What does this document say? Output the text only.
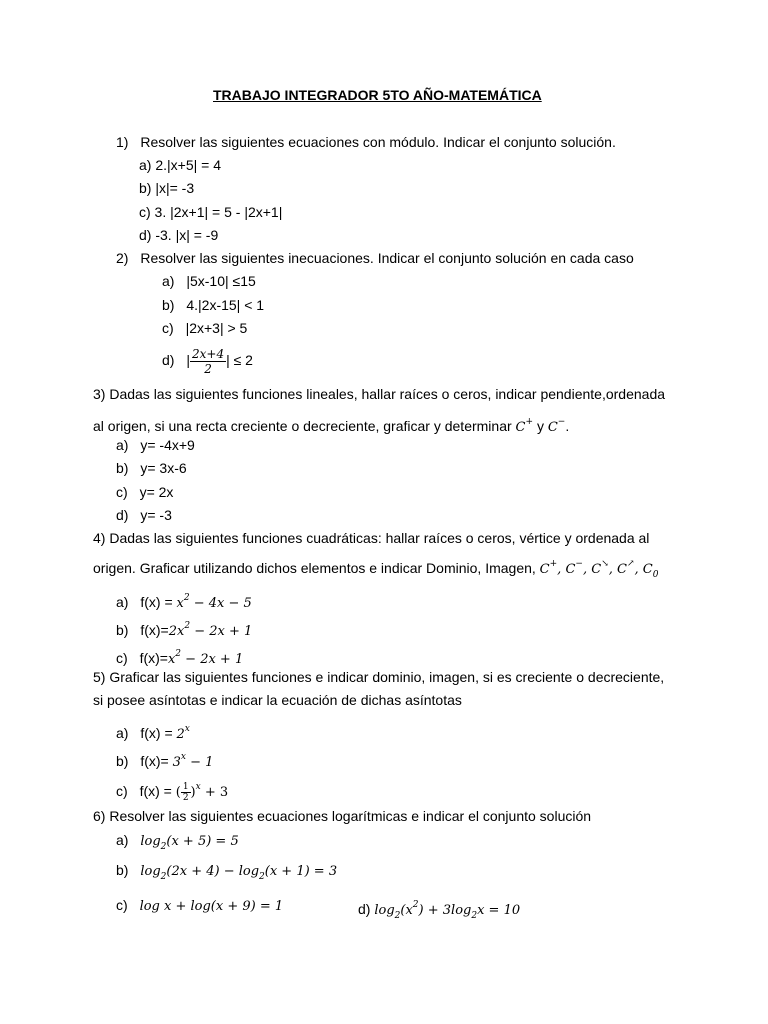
TRABAJO INTEGRADOR 5TO AÑO-MATEMÁTICA
1) Resolver las siguientes ecuaciones con módulo. Indicar el conjunto solución.
a) 2.|x+5| = 4
b) |x|= -3
c) 3. |2x+1| = 5 - |2x+1|
d) -3. |x| = -9
2) Resolver las siguientes inecuaciones. Indicar el conjunto solución en cada caso
a) |5x-10| ≤15
b) 4.|2x-15| < 1
c) |2x+3| > 5
d) | $\frac{2x+4}{2}$ | ≤ 2
3) Dadas las siguientes funciones lineales, hallar raíces o ceros, indicar pendiente,ordenada
al origen, si una recta creciente o decreciente, graficar y determinar C+ y C−.
a) y= -4x+9
b) y= 3x-6
c) y= 2x
d) y= -3
4) Dadas las siguientes funciones cuadráticas: hallar raíces o ceros, vértice y ordenada al
origen. Graficar utilizando dichos elementos e indicar Dominio, Imagen, C+, C−, C↘, C↗, $C_0$
a) $f(x) = x^2 - 4x - 5$
b) $f(x)=2x^2 - 2x + 1$
c) $f(x)=x^2 - 2x + 1$
5) Graficar las siguientes funciones e indicar dominio, imagen, si es creciente o decreciente,
si posee asíntotas e indicar la ecuación de dichas asíntotas
a) $f(x) = 2^x$
b) $f(x)= 3^x - 1$
c) f(x) = ( $\frac{1}{2} )^x + 3$
6) Resolver las siguientes ecuaciones logarítmicas e indicar el conjunto solución
a) $\log_2(x + 5) = 5$
b) $\log_2(2x + 4) - \log_2(x + 1) = 3$
c) log x + log(x + 9) = 1	d) $\log_2(x^2) + 3\log_2x = 10$
